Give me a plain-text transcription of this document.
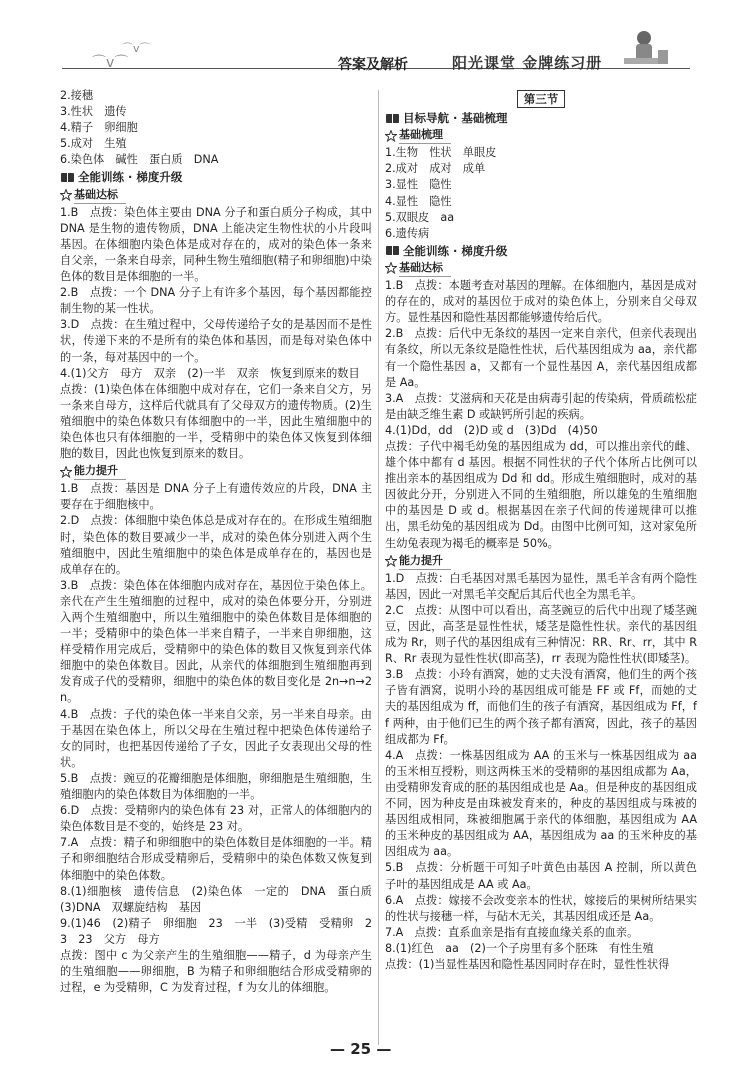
⌒v⌒
⌒v⌒
答案及解析	阳光课堂 金牌练习册

2.接穗

3.性状　遗传

4.精子　卵细胞

5.成对　生殖

6.染色体　碱性　蛋白质　DNA

全能训练 · 梯度升级
基础达标

1.B　点拨：染色体主要由 DNA 分子和蛋白质分子构成，其中 DNA 是生物的遗传物质，DNA 上能决定生物性状的小片段叫基因。在体细胞内染色体是成对存在的，成对的染色体一条来自父亲，一条来自母亲，同种生物生殖细胞(精子和卵细胞)中染色体的数目是体细胞的一半。

2.B　点拨：一个 DNA 分子上有许多个基因，每个基因都能控制生物的某一性状。

3.D　点拨：在生殖过程中，父母传递给子女的是基因而不是性状，传递下来的不是所有的染色体和基因，而是每对染色体中的一条，每对基因中的一个。

4.(1)父方　母方　双亲　(2)一半　双亲　恢复到原来的数目

点拨：(1)染色体在体细胞中成对存在，它们一条来自父方，另一条来自母方，这样后代就具有了父母双方的遗传物质。(2)生殖细胞中的染色体数只有体细胞中的一半，因此生殖细胞中的染色体也只有体细胞的一半，受精卵中的染色体又恢复到体细胞的数目，因此也恢复到原来的数目。

能力提升

1.B　点拨：基因是 DNA 分子上有遗传效应的片段，DNA 主要存在于细胞核中。

2.D　点拨：体细胞中染色体总是成对存在的。在形成生殖细胞时，染色体的数目要减少一半，成对的染色体分别进入两个生殖细胞中，因此生殖细胞中的染色体是成单存在的，基因也是成单存在的。

3.B　点拨：染色体在体细胞内成对存在，基因位于染色体上。亲代在产生生殖细胞的过程中，成对的染色体要分开，分别进入两个生殖细胞中，所以生殖细胞中的染色体数目是体细胞的一半；受精卵中的染色体一半来自精子，一半来自卵细胞，这样受精作用完成后，受精卵中的染色体的数目又恢复到亲代体细胞中的染色体数目。因此，从亲代的体细胞到生殖细胞再到发育成子代的受精卵，细胞中的染色体的数目变化是 2n→n→2n。

4.B　点拨：子代的染色体一半来自父亲，另一半来自母亲。由于基因在染色体上，所以父母在生殖过程中把染色体传递给子女的同时，也把基因传递给了子女，因此子女表现出父母的性状。

5.B　点拨：豌豆的花瓣细胞是体细胞，卵细胞是生殖细胞，生殖细胞内的染色体数目为体细胞的一半。

6.D　点拨：受精卵内的染色体有 23 对，正常人的体细胞内的染色体数目是不变的，始终是 23 对。

7.A　点拨：精子和卵细胞中的染色体数目是体细胞的一半。精子和卵细胞结合形成受精卵后，受精卵中的染色体数又恢复到体细胞中的染色体数。

8.(1)细胞核　遗传信息　(2)染色体　一定的　DNA　蛋白质　(3)DNA　双螺旋结构　基因

9.(1)46　(2)精子　卵细胞　23　一半　(3)受精　受精卵　23　23　父方　母方

点拨：图中 c 为父亲产生的生殖细胞——精子，d 为母亲产生的生殖细胞——卵细胞，B 为精子和卵细胞结合形成受精卵的过程，e 为受精卵，C 为发育过程，f 为女儿的体细胞。

第三节
目标导航 · 基础梳理
基础梳理

1.生物　性状　单眼皮

2.成对　成对　成单

3.显性　隐性

4.显性　隐性

5.双眼皮　aa

6.遗传病

全能训练 · 梯度升级
基础达标

1.B　点拨：本题考查对基因的理解。在体细胞内，基因是成对的存在的，成对的基因位于成对的染色体上，分别来自父母双方。显性基因和隐性基因都能够遗传给后代。

2.B　点拨：后代中无条纹的基因一定来自亲代，但亲代表现出有条纹，所以无条纹是隐性性状，后代基因组成为 aa，亲代都有一个隐性基因 a，又都有一个显性基因 A，亲代基因组成都是 Aa。

3.A　点拨：艾滋病和天花是由病毒引起的传染病，骨质疏松症是由缺乏维生素 D 或缺钙所引起的疾病。

4.(1)Dd，dd　(2)D 或 d　(3)Dd　(4)50

点拨：子代中褐毛幼兔的基因组成为 dd，可以推出亲代的雌、雄个体中都有 d 基因。根据不同性状的子代个体所占比例可以推出亲本的基因组成为 Dd 和 dd。形成生殖细胞时，成对的基因彼此分开，分别进入不同的生殖细胞，所以雄兔的生殖细胞中的基因是 D 或 d。根据基因在亲子代间的传递规律可以推出，黑毛幼兔的基因组成为 Dd。由图中比例可知，这对家兔所生幼兔表现为褐毛的概率是 50%。

能力提升

1.D　点拨：白毛基因对黑毛基因为显性，黑毛羊含有两个隐性基因，因此一对黑毛羊交配后其后代也全为黑毛羊。

2.C　点拨：从图中可以看出，高茎豌豆的后代中出现了矮茎豌豆，因此，高茎是显性性状，矮茎是隐性性状。亲代的基因组成为 Rr，则子代的基因组成有三种情况：RR、Rr、rr，其中 RR、Rr 表现为显性性状(即高茎)，rr 表现为隐性性状(即矮茎)。

3.B　点拨：小玲有酒窝，她的丈夫没有酒窝，他们生的两个孩子皆有酒窝，说明小玲的基因组成可能是 FF 或 Ff，而她的丈夫的基因组成为 ff，而他们生的孩子有酒窝，基因组成为 Ff，ff 两种，由于他们已生的两个孩子都有酒窝，因此，孩子的基因组成都为 Ff。

4.A　点拨：一株基因组成为 AA 的玉米与一株基因组成为 aa 的玉米相互授粉，则这两株玉米的受精卵的基因组成都为 Aa，由受精卵发育成的胚的基因组成也是 Aa。但是种皮的基因组成不同，因为种皮是由珠被发育来的，种皮的基因组成与珠被的基因组成相同，珠被细胞属于亲代的体细胞，基因组成为 AA 的玉米种皮的基因组成为 AA，基因组成为 aa 的玉米种皮的基因组成为 aa。

5.B　点拨：分析题干可知子叶黄色由基因 A 控制，所以黄色子叶的基因组成是 AA 或 Aa。

6.A　点拨：嫁接不会改变亲本的性状，嫁接后的果树所结果实的性状与接穗一样，与砧木无关，其基因组成还是 Aa。

7.A　点拨：直系血亲是指有直接血缘关系的血亲。

8.(1)红色　aa　(2)一个子房里有多个胚珠　有性生殖

点拨：(1)当显性基因和隐性基因同时存在时，显性性状得

— 25 —
